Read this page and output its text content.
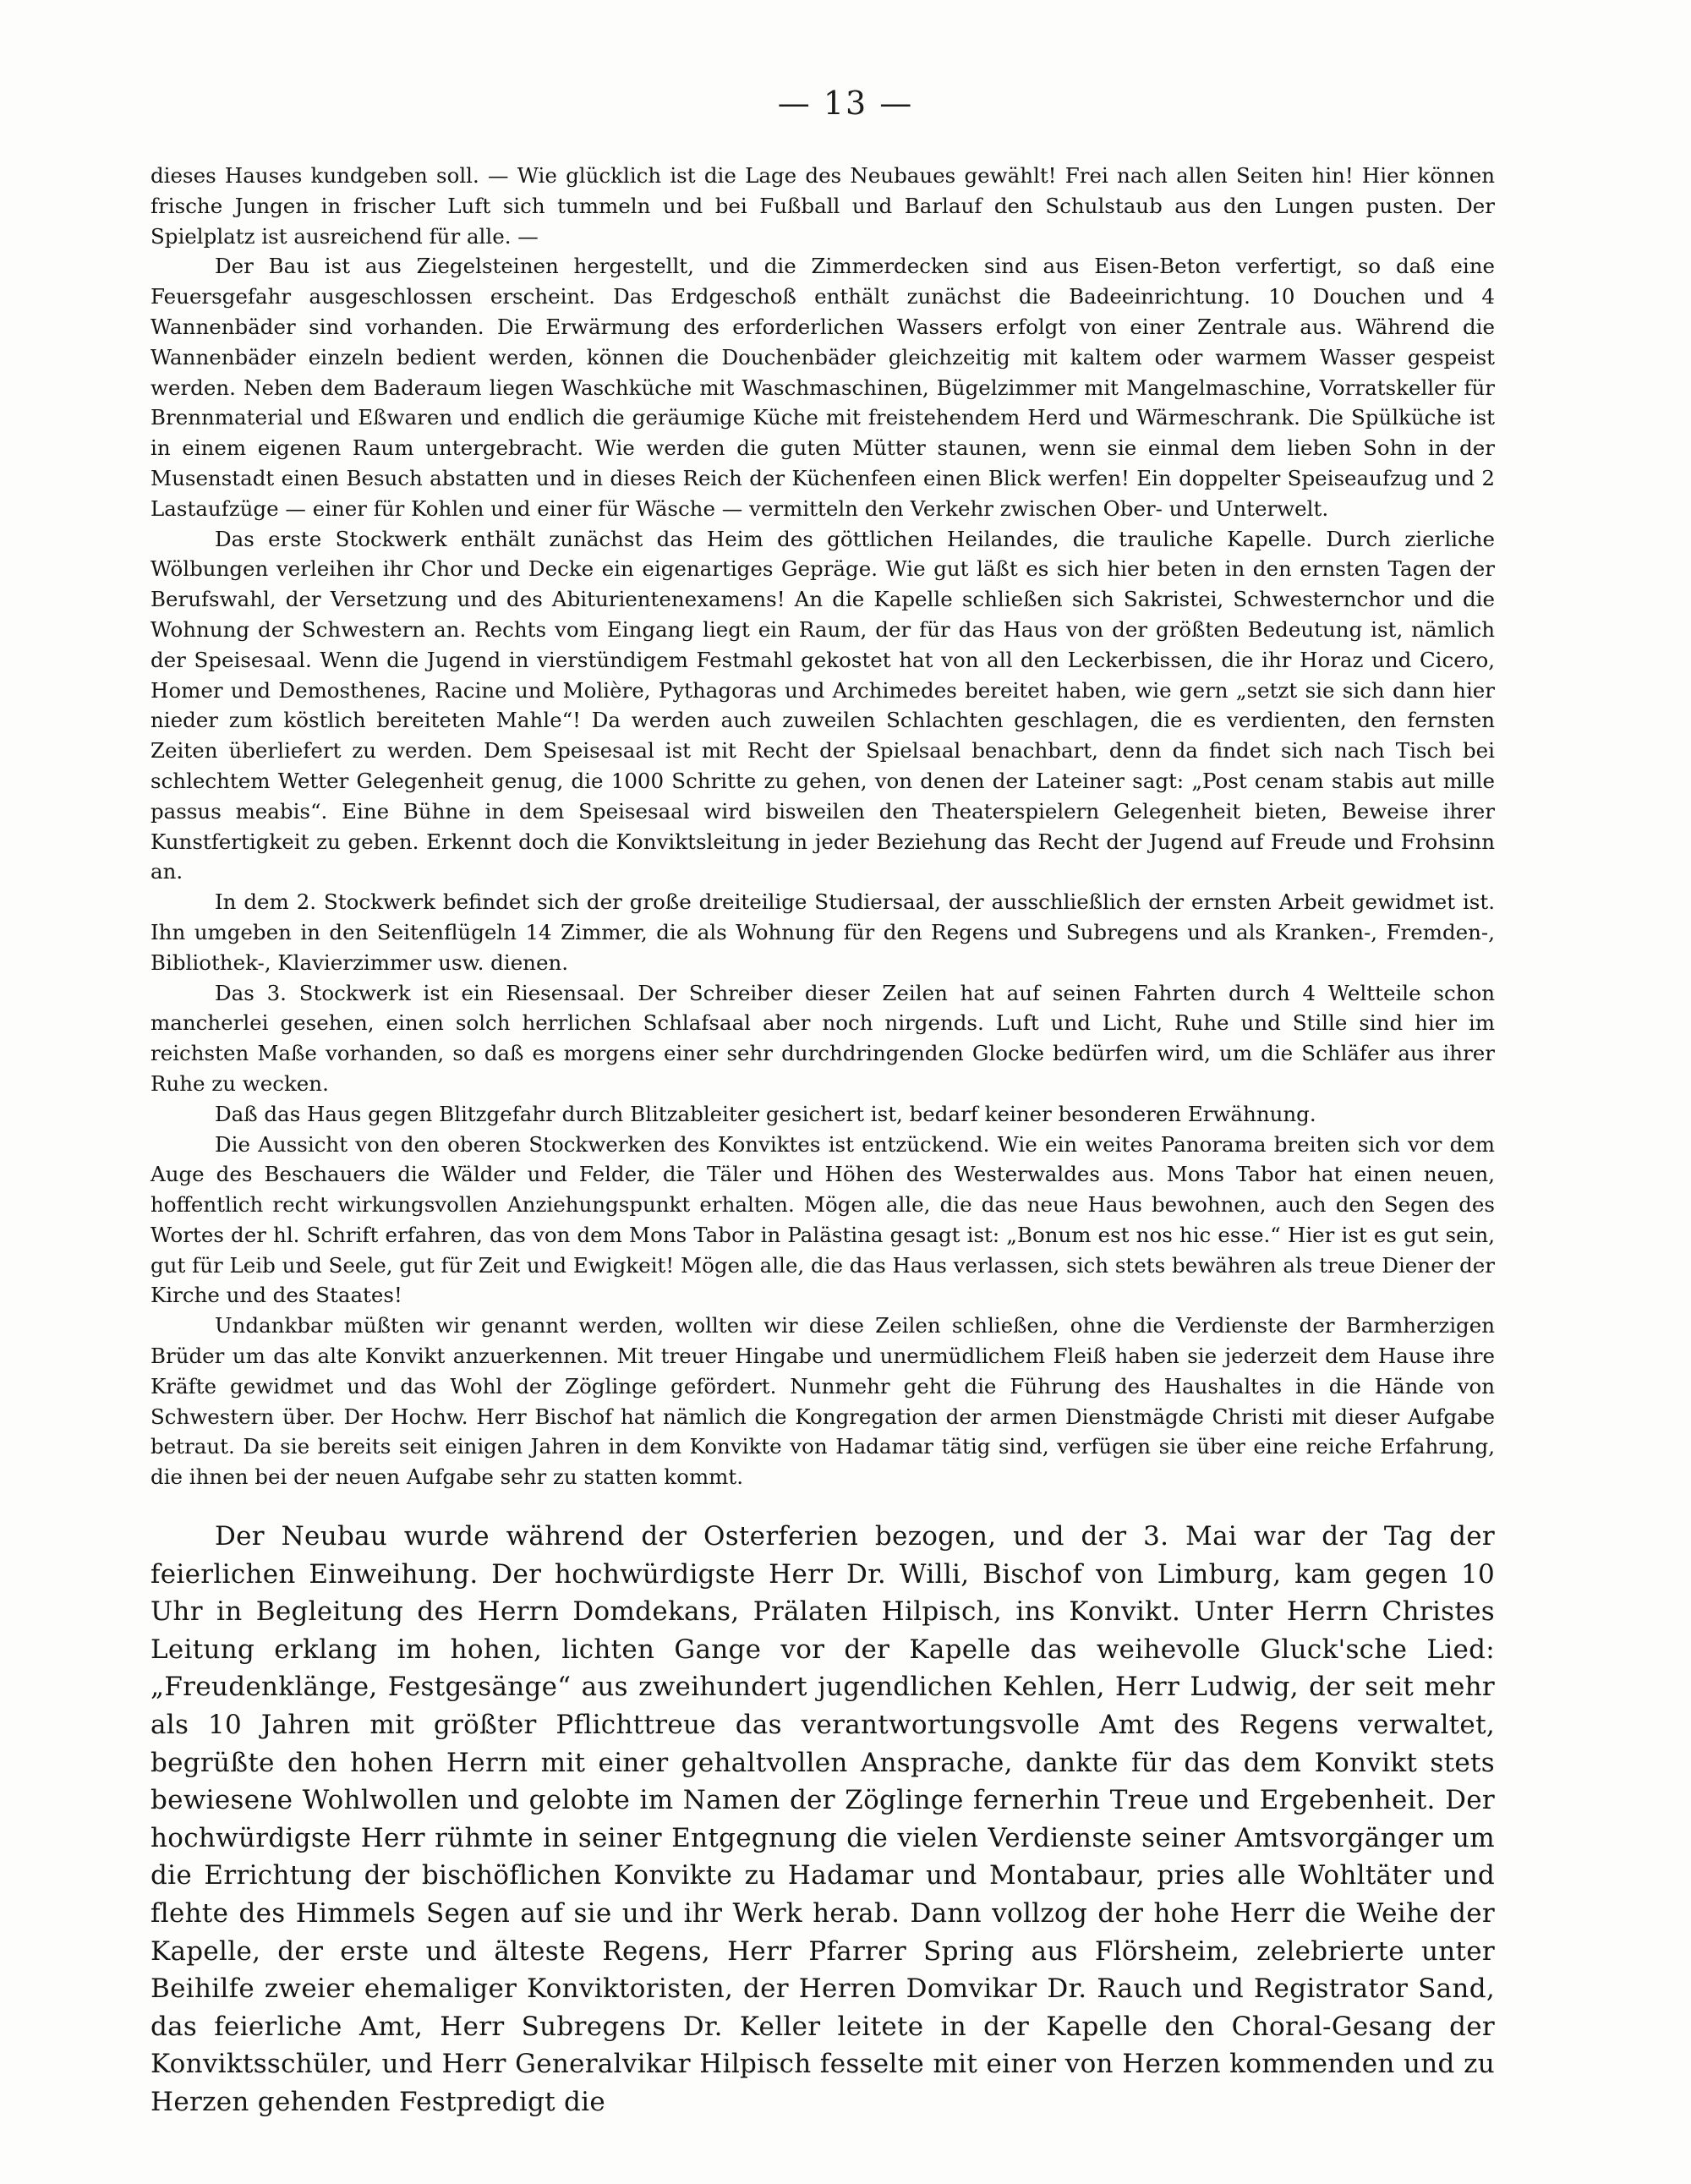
— 13 —

dieses Hauses kundgeben soll. — Wie glücklich ist die Lage des Neubaues gewählt! Frei nach allen Seiten hin! Hier können frische Jungen in frischer Luft sich tummeln und bei Fußball und Barlauf den Schulstaub aus den Lungen pusten. Der Spielplatz ist ausreichend für alle. —

Der Bau ist aus Ziegelsteinen hergestellt, und die Zimmerdecken sind aus Eisen-Beton verfertigt, so daß eine Feuersgefahr ausgeschlossen erscheint. Das Erdgeschoß enthält zunächst die Badeeinrichtung. 10 Douchen und 4 Wannenbäder sind vorhanden. Die Erwärmung des erforderlichen Wassers erfolgt von einer Zentrale aus. Während die Wannenbäder einzeln bedient werden, können die Douchenbäder gleichzeitig mit kaltem oder warmem Wasser gespeist werden. Neben dem Baderaum liegen Waschküche mit Waschmaschinen, Bügelzimmer mit Mangelmaschine, Vorratskeller für Brennmaterial und Eßwaren und endlich die geräumige Küche mit freistehendem Herd und Wärmeschrank. Die Spülküche ist in einem eigenen Raum untergebracht. Wie werden die guten Mütter staunen, wenn sie einmal dem lieben Sohn in der Musenstadt einen Besuch abstatten und in dieses Reich der Küchenfeen einen Blick werfen! Ein doppelter Speiseaufzug und 2 Lastaufzüge — einer für Kohlen und einer für Wäsche — vermitteln den Verkehr zwischen Ober- und Unterwelt.

Das erste Stockwerk enthält zunächst das Heim des göttlichen Heilandes, die trauliche Kapelle. Durch zierliche Wölbungen verleihen ihr Chor und Decke ein eigenartiges Gepräge. Wie gut läßt es sich hier beten in den ernsten Tagen der Berufswahl, der Versetzung und des Abiturientenexamens! An die Kapelle schließen sich Sakristei, Schwesternchor und die Wohnung der Schwestern an. Rechts vom Eingang liegt ein Raum, der für das Haus von der größten Bedeutung ist, nämlich der Speisesaal. Wenn die Jugend in vierstündigem Festmahl gekostet hat von all den Leckerbissen, die ihr Horaz und Cicero, Homer und Demosthenes, Racine und Molière, Pythagoras und Archimedes bereitet haben, wie gern „setzt sie sich dann hier nieder zum köstlich bereiteten Mahle“! Da werden auch zuweilen Schlachten geschlagen, die es verdienten, den fernsten Zeiten überliefert zu werden. Dem Speisesaal ist mit Recht der Spielsaal benachbart, denn da findet sich nach Tisch bei schlechtem Wetter Gelegenheit genug, die 1000 Schritte zu gehen, von denen der Lateiner sagt: „Post cenam stabis aut mille passus meabis“. Eine Bühne in dem Speisesaal wird bisweilen den Theaterspielern Gelegenheit bieten, Beweise ihrer Kunstfertigkeit zu geben. Erkennt doch die Konviktsleitung in jeder Beziehung das Recht der Jugend auf Freude und Frohsinn an.

In dem 2. Stockwerk befindet sich der große dreiteilige Studiersaal, der ausschließlich der ernsten Arbeit gewidmet ist. Ihn umgeben in den Seitenflügeln 14 Zimmer, die als Wohnung für den Regens und Subregens und als Kranken-, Fremden-, Bibliothek-, Klavierzimmer usw. dienen.

Das 3. Stockwerk ist ein Riesensaal. Der Schreiber dieser Zeilen hat auf seinen Fahrten durch 4 Weltteile schon mancherlei gesehen, einen solch herrlichen Schlafsaal aber noch nirgends. Luft und Licht, Ruhe und Stille sind hier im reichsten Maße vorhanden, so daß es morgens einer sehr durchdringenden Glocke bedürfen wird, um die Schläfer aus ihrer Ruhe zu wecken.

Daß das Haus gegen Blitzgefahr durch Blitzableiter gesichert ist, bedarf keiner besonderen Erwähnung.

Die Aussicht von den oberen Stockwerken des Konviktes ist entzückend. Wie ein weites Panorama breiten sich vor dem Auge des Beschauers die Wälder und Felder, die Täler und Höhen des Westerwaldes aus. Mons Tabor hat einen neuen, hoffentlich recht wirkungsvollen Anziehungspunkt erhalten. Mögen alle, die das neue Haus bewohnen, auch den Segen des Wortes der hl. Schrift erfahren, das von dem Mons Tabor in Palästina gesagt ist: „Bonum est nos hic esse.“ Hier ist es gut sein, gut für Leib und Seele, gut für Zeit und Ewigkeit! Mögen alle, die das Haus verlassen, sich stets bewähren als treue Diener der Kirche und des Staates!

Undankbar müßten wir genannt werden, wollten wir diese Zeilen schließen, ohne die Verdienste der Barmherzigen Brüder um das alte Konvikt anzuerkennen. Mit treuer Hingabe und unermüdlichem Fleiß haben sie jederzeit dem Hause ihre Kräfte gewidmet und das Wohl der Zöglinge gefördert. Nunmehr geht die Führung des Haushaltes in die Hände von Schwestern über. Der Hochw. Herr Bischof hat nämlich die Kongregation der armen Dienstmägde Christi mit dieser Aufgabe betraut. Da sie bereits seit einigen Jahren in dem Konvikte von Hadamar tätig sind, verfügen sie über eine reiche Erfahrung, die ihnen bei der neuen Aufgabe sehr zu statten kommt.

Der Neubau wurde während der Osterferien bezogen, und der 3. Mai war der Tag der feierlichen Einweihung. Der hochwürdigste Herr Dr. Willi, Bischof von Limburg, kam gegen 10 Uhr in Begleitung des Herrn Domdekans, Prälaten Hilpisch, ins Konvikt. Unter Herrn Christes Leitung erklang im hohen, lichten Gange vor der Kapelle das weihevolle Gluck'sche Lied: „Freudenklänge, Festgesänge“ aus zweihundert jugendlichen Kehlen, Herr Ludwig, der seit mehr als 10 Jahren mit größter Pflichttreue das verantwortungsvolle Amt des Regens verwaltet, begrüßte den hohen Herrn mit einer gehaltvollen Ansprache, dankte für das dem Konvikt stets bewiesene Wohlwollen und gelobte im Namen der Zöglinge fernerhin Treue und Ergebenheit. Der hochwürdigste Herr rühmte in seiner Entgegnung die vielen Verdienste seiner Amtsvorgänger um die Errichtung der bischöflichen Konvikte zu Hadamar und Montabaur, pries alle Wohltäter und flehte des Himmels Segen auf sie und ihr Werk herab. Dann vollzog der hohe Herr die Weihe der Kapelle, der erste und älteste Regens, Herr Pfarrer Spring aus Flörsheim, zelebrierte unter Beihilfe zweier ehemaliger Konviktoristen, der Herren Domvikar Dr. Rauch und Registrator Sand, das feierliche Amt, Herr Subregens Dr. Keller leitete in der Kapelle den Choral-Gesang der Konviktsschüler, und Herr Generalvikar Hilpisch fesselte mit einer von Herzen kommenden und zu Herzen gehenden Festpredigt die
